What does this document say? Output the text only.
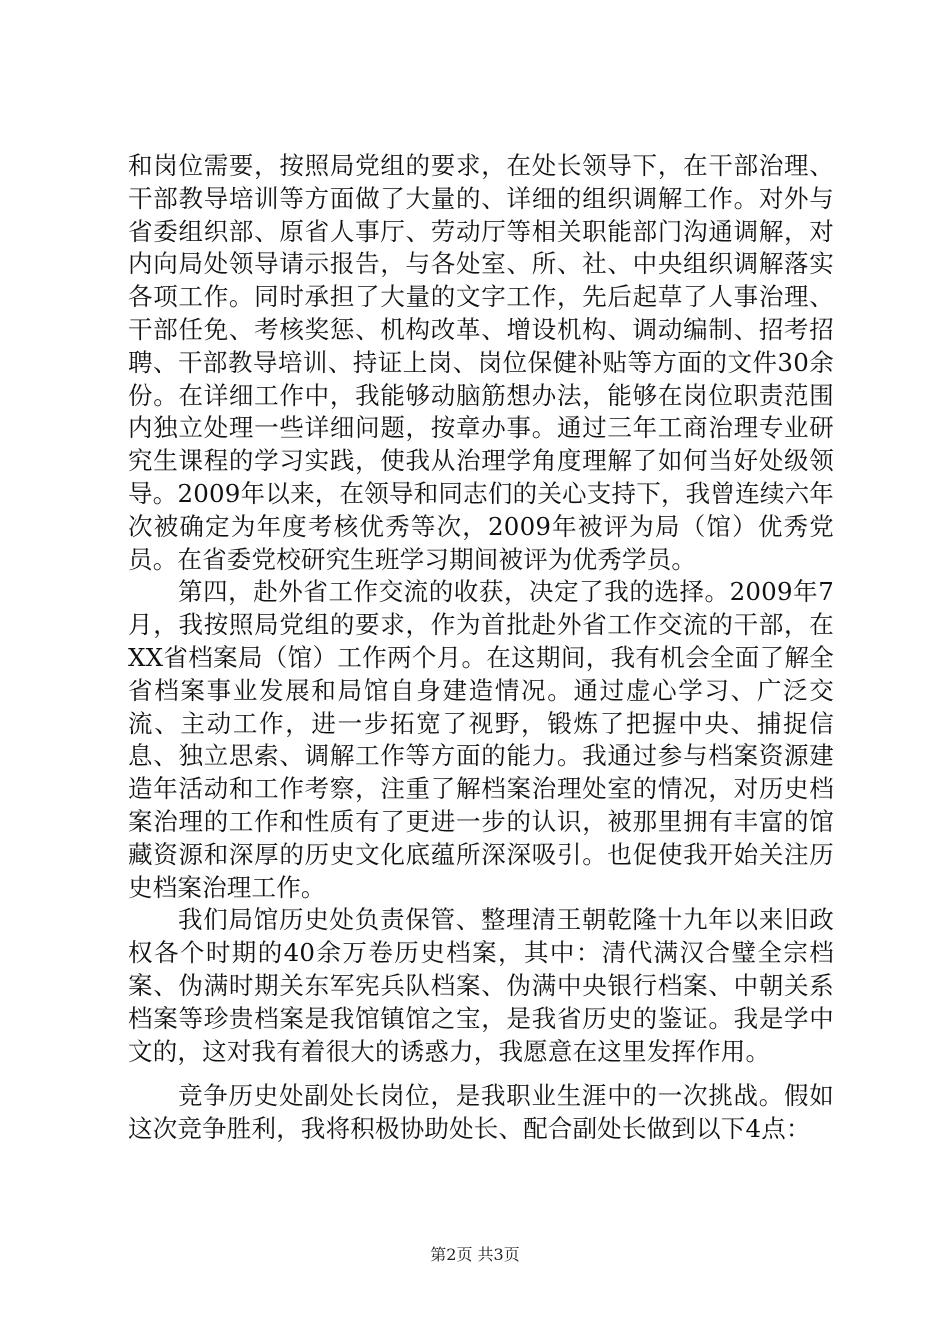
和岗位需要，按照局党组的要求，在处长领导下，在干部治理、干部教导培训等方面做了大量的、详细的组织调解工作。对外与省委组织部、原省人事厅、劳动厅等相关职能部门沟通调解，对内向局处领导请示报告，与各处室、所、社、中央组织调解落实各项工作。同时承担了大量的文字工作，先后起草了人事治理、干部任免、考核奖惩、机构改革、增设机构、调动编制、招考招聘、干部教导培训、持证上岗、岗位保健补贴等方面的文件30余份。在详细工作中，我能够动脑筋想办法，能够在岗位职责范围内独立处理一些详细问题，按章办事。通过三年工商治理专业研究生课程的学习实践，使我从治理学角度理解了如何当好处级领导。2009年以来，在领导和同志们的关心支持下，我曾连续六年次被确定为年度考核优秀等次，2009年被评为局（馆）优秀党员。在省委党校研究生班学习期间被评为优秀学员。

第四，赴外省工作交流的收获，决定了我的选择。2009年7月，我按照局党组的要求，作为首批赴外省工作交流的干部，在XX省档案局（馆）工作两个月。在这期间，我有机会全面了解全省档案事业发展和局馆自身建造情况。通过虚心学习、广泛交流、主动工作，进一步拓宽了视野，锻炼了把握中央、捕捉信息、独立思索、调解工作等方面的能力。我通过参与档案资源建造年活动和工作考察，注重了解档案治理处室的情况，对历史档案治理的工作和性质有了更进一步的认识，被那里拥有丰富的馆藏资源和深厚的历史文化底蕴所深深吸引。也促使我开始关注历史档案治理工作。

我们局馆历史处负责保管、整理清王朝乾隆十九年以来旧政权各个时期的40余万卷历史档案，其中：清代满汉合璧全宗档案、伪满时期关东军宪兵队档案、伪满中央银行档案、中朝关系档案等珍贵档案是我馆镇馆之宝，是我省历史的鉴证。我是学中文的，这对我有着很大的诱惑力，我愿意在这里发挥作用。

竞争历史处副处长岗位，是我职业生涯中的一次挑战。假如这次竞争胜利，我将积极协助处长、配合副处长做到以下4点：

第2页 共3页
